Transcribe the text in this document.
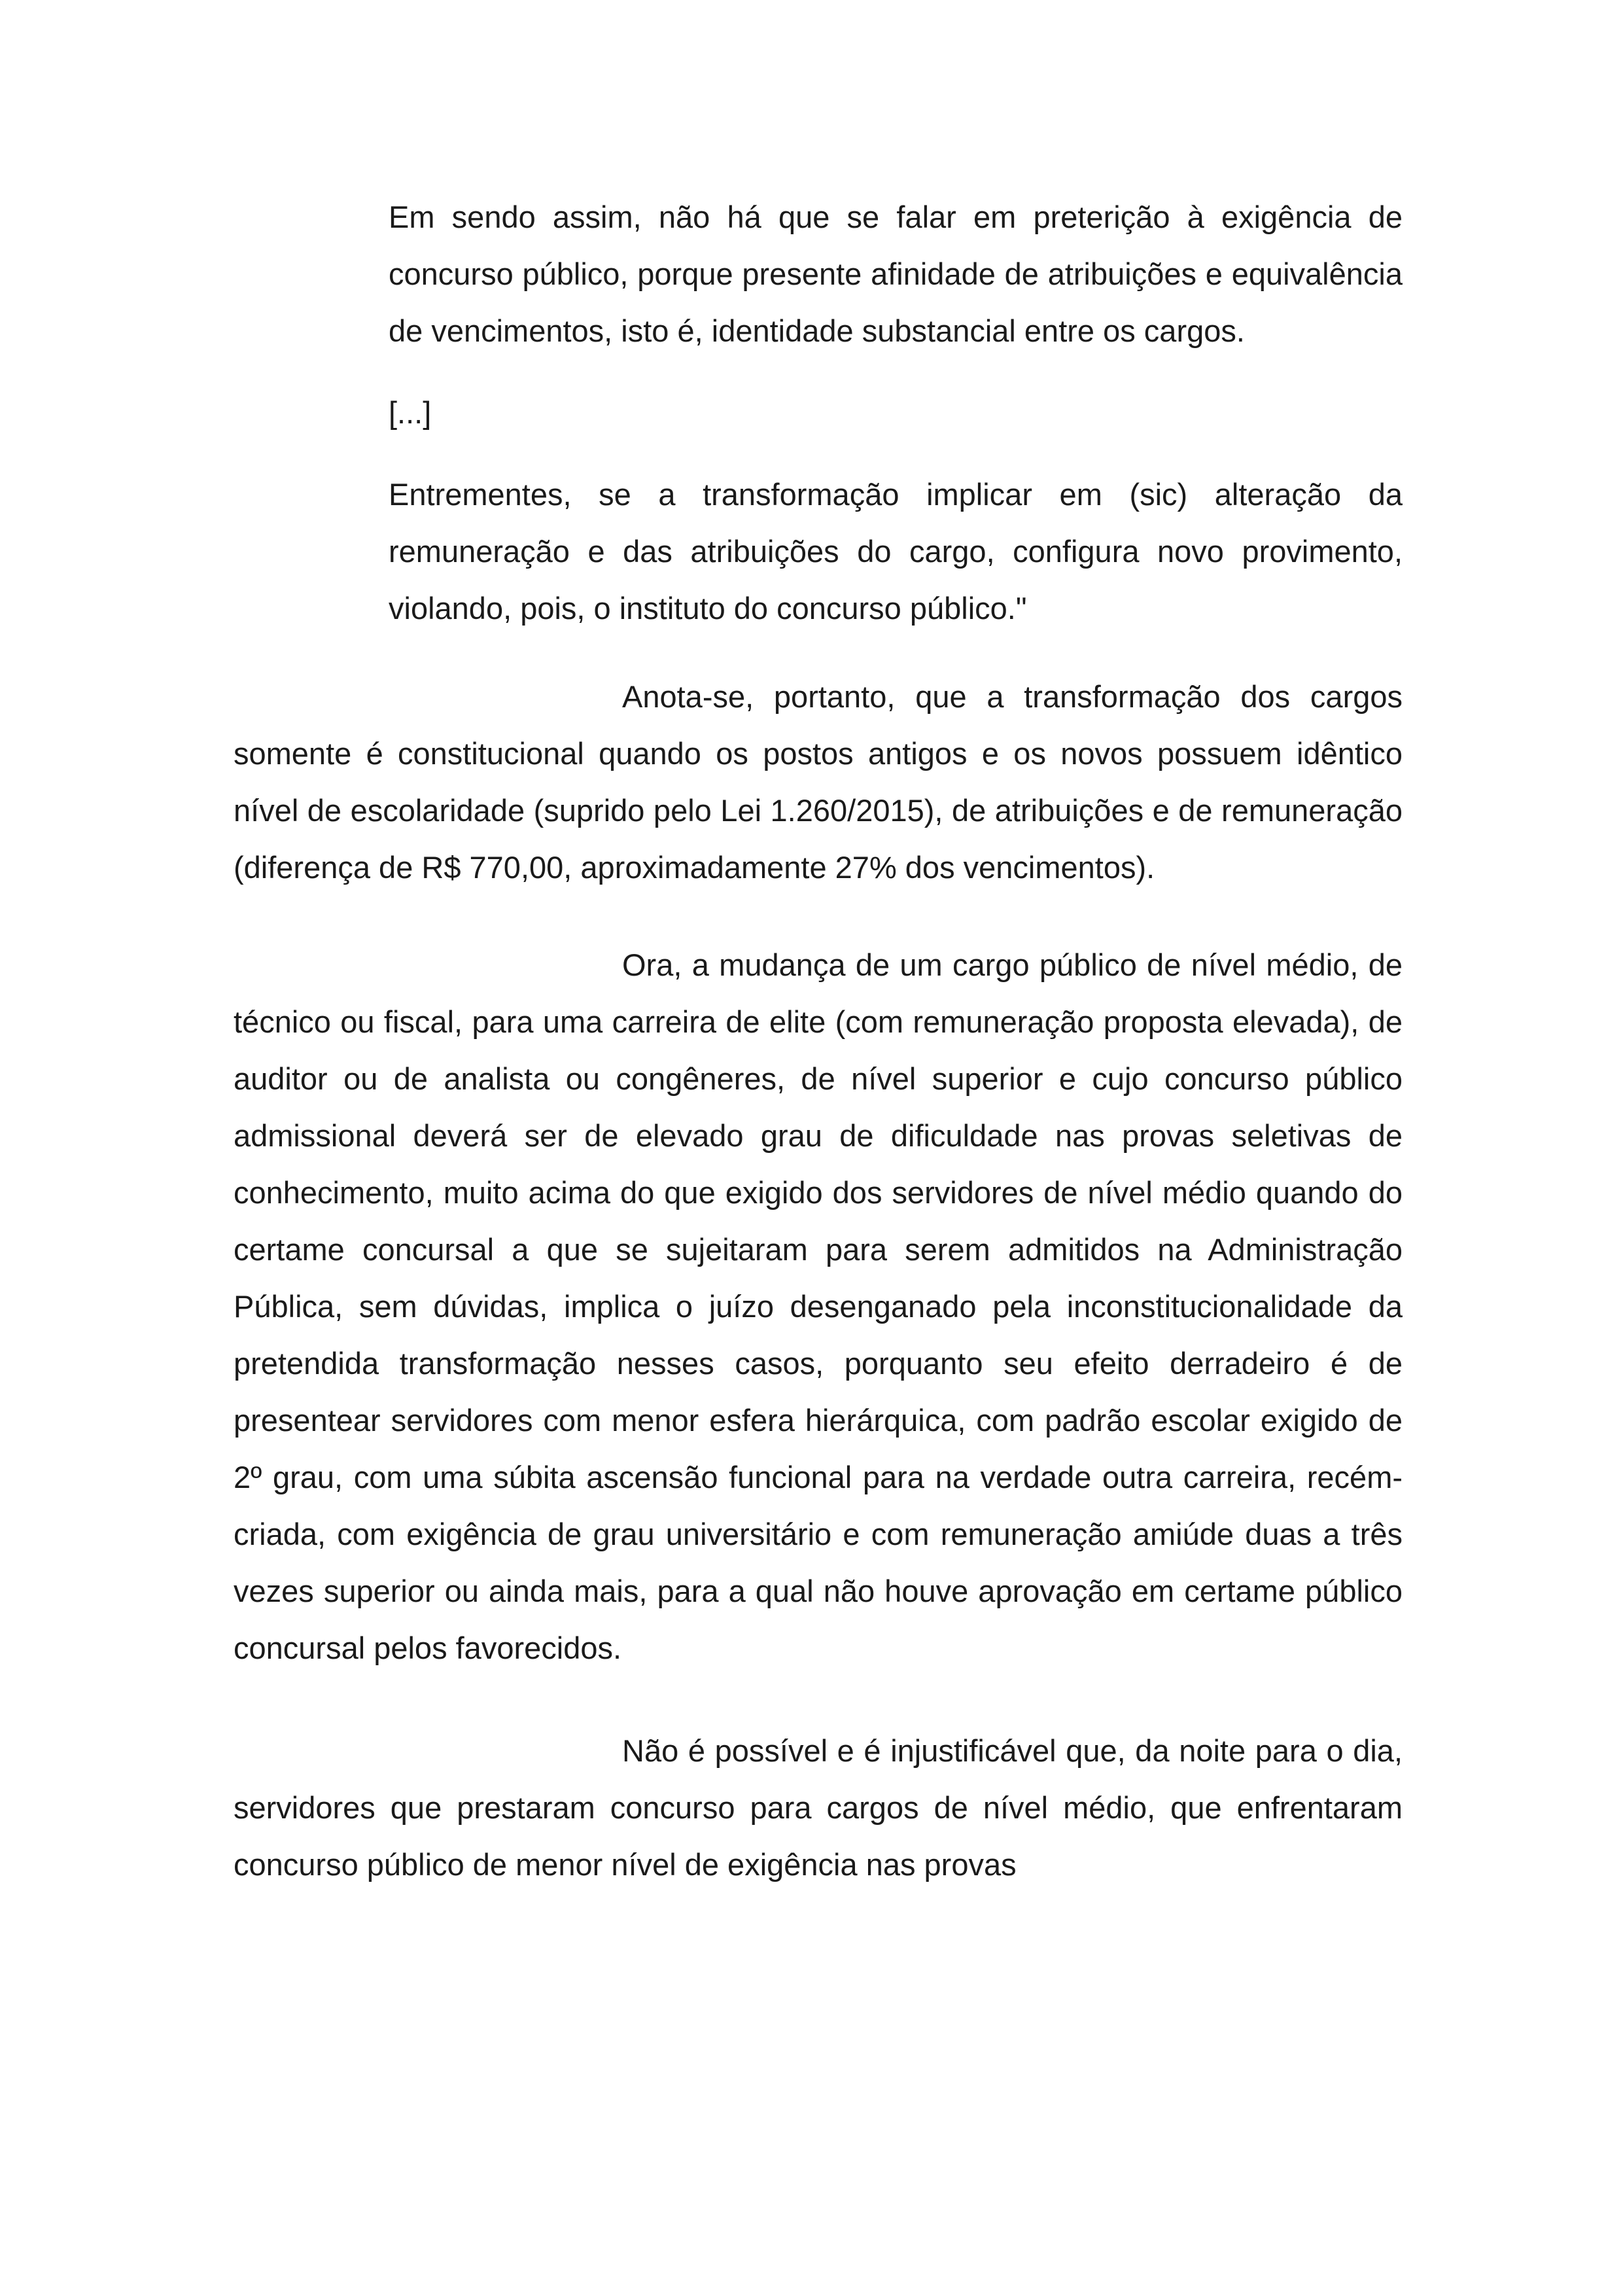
Em sendo assim, não há que se falar em preterição à exigência de concurso público, porque presente afinidade de atribuições e equivalência de vencimentos, isto é, identidade substancial entre os cargos.

[...]

Entrementes, se a transformação implicar em (sic) alteração da remuneração e das atribuições do cargo, configura novo provimento, violando, pois, o instituto do concurso público."

Anota-se, portanto, que a transformação dos cargos somente é constitucional quando os postos antigos e os novos possuem idêntico nível de escolaridade (suprido pelo Lei 1.260/2015), de atribuições e de remuneração (diferença de R$ 770,00, aproximadamente 27% dos vencimentos).

Ora, a mudança de um cargo público de nível médio, de técnico ou fiscal, para uma carreira de elite (com remuneração proposta elevada), de auditor ou de analista ou congêneres, de nível superior e cujo concurso público admissional deverá ser de elevado grau de dificuldade nas provas seletivas de conhecimento, muito acima do que exigido dos servidores de nível médio quando do certame concursal a que se sujeitaram para serem admitidos na Administração Pública, sem dúvidas, implica o juízo desenganado pela inconstitucionalidade da pretendida transformação nesses casos, porquanto seu efeito derradeiro é de presentear servidores com menor esfera hierárquica, com padrão escolar exigido de 2º grau, com uma súbita ascensão funcional para na verdade outra carreira, recém-criada, com exigência de grau universitário e com remuneração amiúde duas a três vezes superior ou ainda mais, para a qual não houve aprovação em certame público concursal pelos favorecidos.

Não é possível e é injustificável que, da noite para o dia, servidores que prestaram concurso para cargos de nível médio, que enfrentaram concurso público de menor nível de exigência nas provas
